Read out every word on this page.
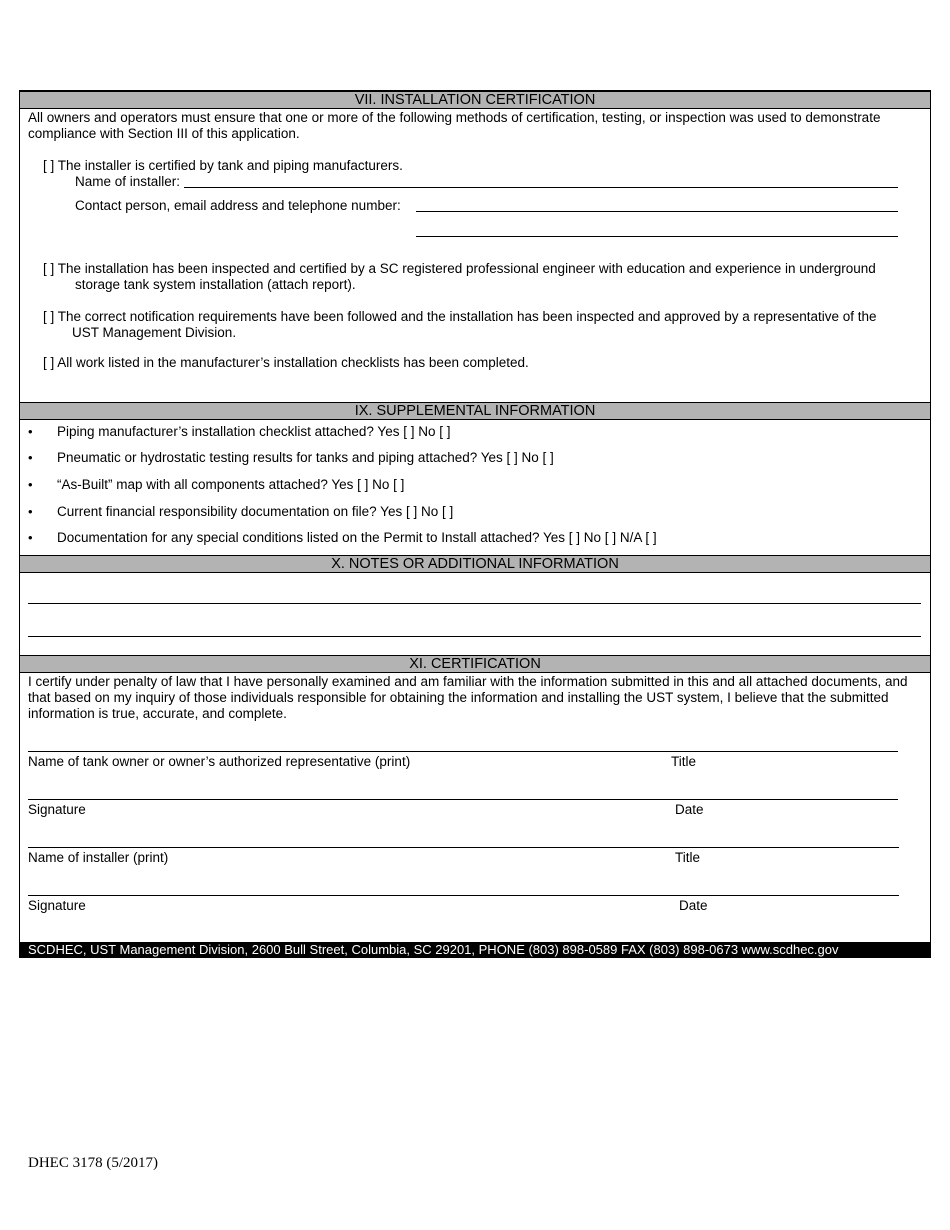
VII. INSTALLATION CERTIFICATION
All owners and operators must ensure that one or more of the following methods of certification, testing, or inspection was used to demonstrate compliance with Section III of this application.
[ ] The installer is certified by tank and piping manufacturers.
Name of installer:
Contact person, email address and telephone number:
[ ] The installation has been inspected and certified by a SC registered professional engineer with education and experience in underground
storage tank system installation (attach report).
[ ] The correct notification requirements have been followed and the installation has been inspected and approved by a representative of the
UST Management Division.
[ ] All work listed in the manufacturer’s installation checklists has been completed.
IX. SUPPLEMENTAL INFORMATION
• Piping manufacturer’s installation checklist attached? Yes [ ] No [ ]
• Pneumatic or hydrostatic testing results for tanks and piping attached? Yes [ ] No [ ]
• “As-Built” map with all components attached? Yes [ ] No [ ]
• Current financial responsibility documentation on file? Yes [ ] No [ ]
• Documentation for any special conditions listed on the Permit to Install attached? Yes [ ] No [ ] N/A [ ]
X. NOTES OR ADDITIONAL INFORMATION
XI. CERTIFICATION
I certify under penalty of law that I have personally examined and am familiar with the information submitted in this and all attached documents, and that based on my inquiry of those individuals responsible for obtaining the information and installing the UST system, I believe that the submitted information is true, accurate, and complete.
Name of tank owner or owner’s authorized representative (print)	Title
Signature	Date
Name of installer (print)	Title
Signature	Date
SCDHEC, UST Management Division, 2600 Bull Street, Columbia, SC 29201, PHONE (803) 898-0589 FAX (803) 898-0673 www.scdhec.gov
DHEC 3178 (5/2017)
